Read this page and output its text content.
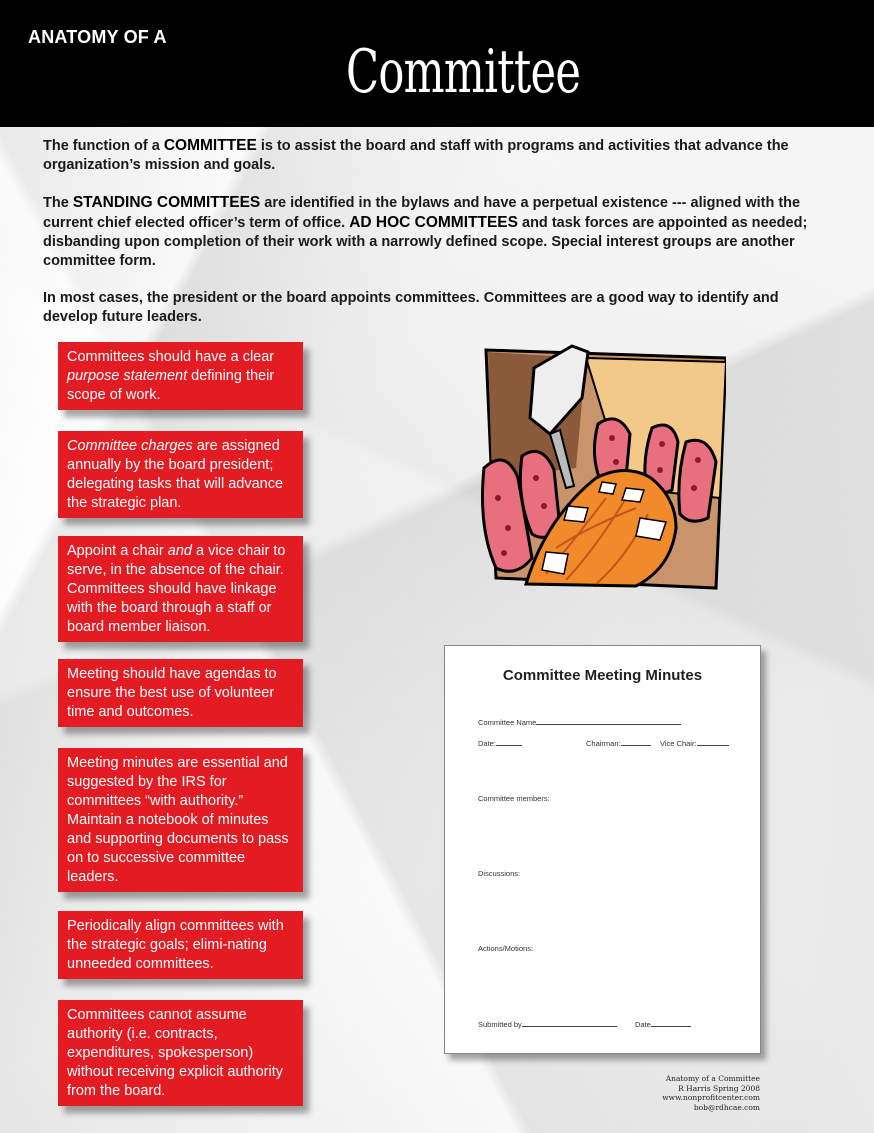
ANATOMY OF A	Committee

The function of a COMMITTEE is to assist the board and staff with programs and activities that advance the organization’s mission and goals.

The STANDING COMMITTEES are identified in the bylaws and have a perpetual existence --- aligned with the current chief elected officer’s term of office. AD HOC COMMITTEES and task forces are appointed as needed; disbanding upon completion of their work with a narrowly defined scope. Special interest groups are another committee form.

In most cases, the president or the board appoints committees. Committees are a good way to identify and develop future leaders.

Committees should have a clear purpose statement defining their scope of work.
Committee charges are assigned annually by the board president; delegating tasks that will advance the strategic plan.
Appoint a chair and a vice chair to serve, in the absence of the chair. Committees should have linkage with the board through a staff or board member liaison.
Meeting should have agendas to ensure the best use of volunteer time and outcomes.
Meeting minutes are essential and suggested by the IRS for committees “with authority.” Maintain a notebook of minutes and supporting documents to pass on to successive committee leaders.
Periodically align committees with the strategic goals; elimi-nating unneeded committees.
Committees cannot assume authority (i.e. contracts, expenditures, spokesperson) without receiving explicit authority from the board.
Committee Meeting Minutes
Committee Name
Date:	Chairman:	Vice Chair:
Committee members:
Discussions:
Actions/Motions:
Submitted by	Date
Anatomy of a Committee
R Harris Spring 2008
www.nonprofitcenter.com
bob@rdhcae.com
